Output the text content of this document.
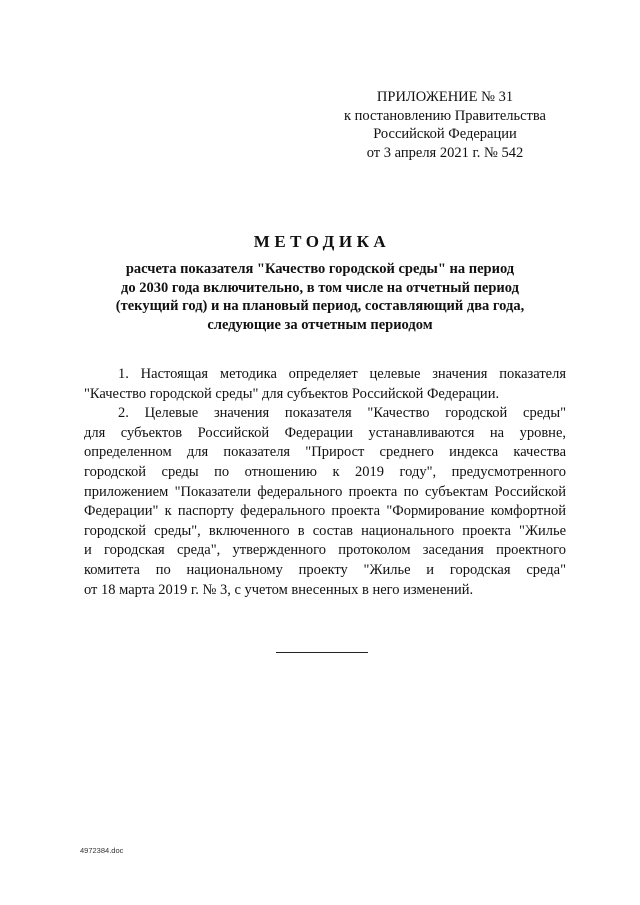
ПРИЛОЖЕНИЕ № 31
к постановлению Правительства
Российской Федерации
от 3 апреля 2021 г. № 542
МЕТОДИКА
расчета показателя "Качество городской среды" на период
до 2030 года включительно, в том числе на отчетный период
(текущий год) и на плановый период, составляющий два года,
следующие за отчетным периодом
1. Настоящая методика определяет целевые значения показателя
"Качество городской среды" для субъектов Российской Федерации.
2. Целевые значения показателя "Качество городской среды"
для субъектов Российской Федерации устанавливаются на уровне,
определенном для показателя "Прирост среднего индекса качества
городской среды по отношению к 2019 году", предусмотренного
приложением "Показатели федерального проекта по субъектам Российской
Федерации" к паспорту федерального проекта "Формирование комфортной
городской среды", включенного в состав национального проекта "Жилье
и городская среда", утвержденного протоколом заседания проектного
комитета по национальному проекту "Жилье и городская среда"
от 18 марта 2019 г. № 3, с учетом внесенных в него изменений.
4972384.doc
